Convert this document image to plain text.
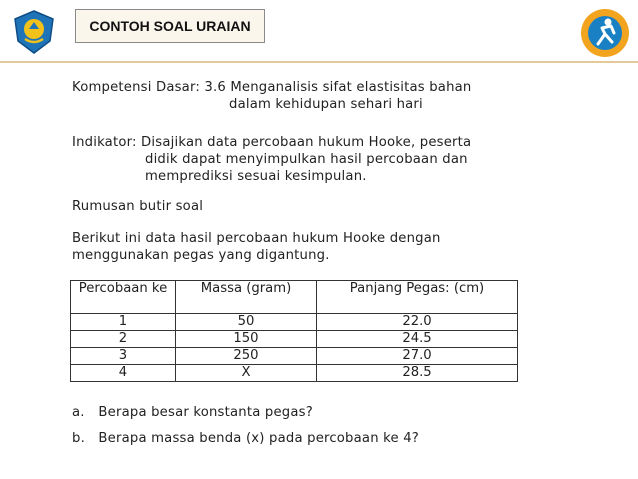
CONTOH SOAL URAIAN
Kompetensi Dasar: 3.6 Menganalisis sifat elastisitas bahan
dalam kehidupan sehari hari
Indikator: Disajikan data percobaan hukum Hooke, peserta
didik dapat menyimpulkan hasil percobaan dan
memprediksi sesuai kesimpulan.
Rumusan butir soal
Berikut ini data hasil percobaan hukum Hooke dengan
menggunakan pegas yang digantung.
Percobaan ke	Massa (gram)	Panjang Pegas: (cm)
1	50	22.0
2	150	24.5
3	250	27.0
4	X	28.5
a. Berapa besar konstanta pegas?
b. Berapa massa benda (x) pada percobaan ke 4?
